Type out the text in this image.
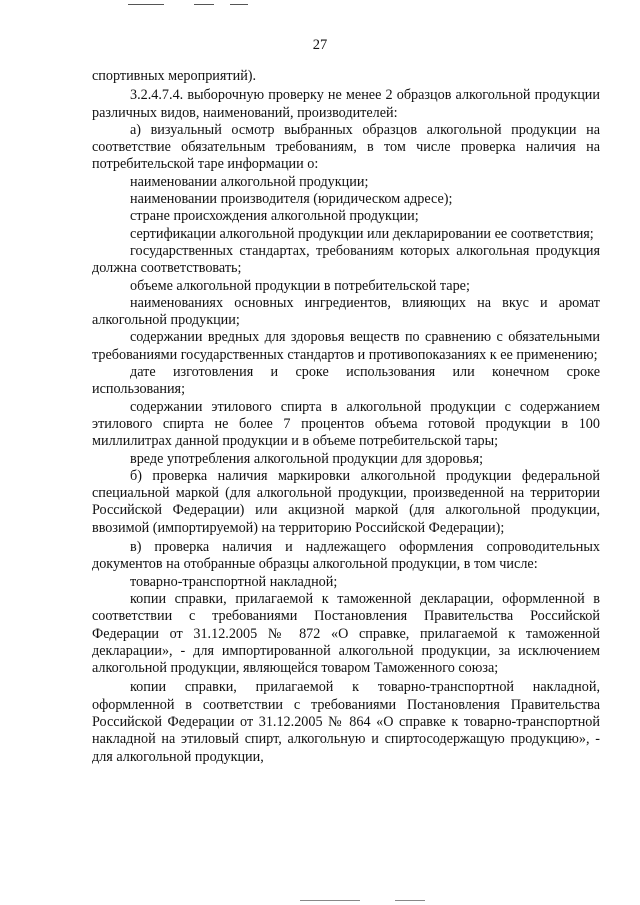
27

спортивных мероприятий).

3.2.4.7.4. выборочную проверку не менее 2 образцов алкогольной продукции различных видов, наименований, производителей:

а) визуальный осмотр выбранных образцов алкогольной продукции на соответствие обязательным требованиям, в том числе проверка наличия на потребительской таре информации о:

наименовании алкогольной продукции;

наименовании производителя (юридическом адресе);

стране происхождения алкогольной продукции;

сертификации алкогольной продукции или декларировании ее соответствия;

государственных стандартах, требованиям которых алкогольная продукция должна соответствовать;

объеме алкогольной продукции в потребительской таре;

наименованиях основных ингредиентов, влияющих на вкус и аромат алкогольной продукции;

содержании вредных для здоровья веществ по сравнению с обязательными требованиями государственных стандартов и противопоказаниях к ее применению;

дате изготовления и сроке использования или конечном сроке использования;

содержании этилового спирта в алкогольной продукции с содержанием этилового спирта не более 7 процентов объема готовой продукции в 100 миллилитрах данной продукции и в объеме потребительской тары;

вреде употребления алкогольной продукции для здоровья;

б) проверка наличия маркировки алкогольной продукции федеральной специальной маркой (для алкогольной продукции, произведенной на территории Российской Федерации) или акцизной маркой (для алкогольной продукции, ввозимой (импортируемой) на территорию Российской Федерации);

в) проверка наличия и надлежащего оформления сопроводительных документов на отобранные образцы алкогольной продукции, в том числе:

товарно-транспортной накладной;

копии справки, прилагаемой к таможенной декларации, оформленной в соответствии с требованиями Постановления Правительства Российской Федерации от 31.12.2005 № 872 «О справке, прилагаемой к таможенной декларации», - для импортированной алкогольной продукции, за исключением алкогольной продукции, являющейся товаром Таможенного союза;

копии справки, прилагаемой к товарно-транспортной накладной, оформленной в соответствии с требованиями Постановления Правительства Российской Федерации от 31.12.2005 № 864 «О справке к товарно-транспортной накладной на этиловый спирт, алкогольную и спиртосодержащую продукцию», - для алкогольной продукции,
